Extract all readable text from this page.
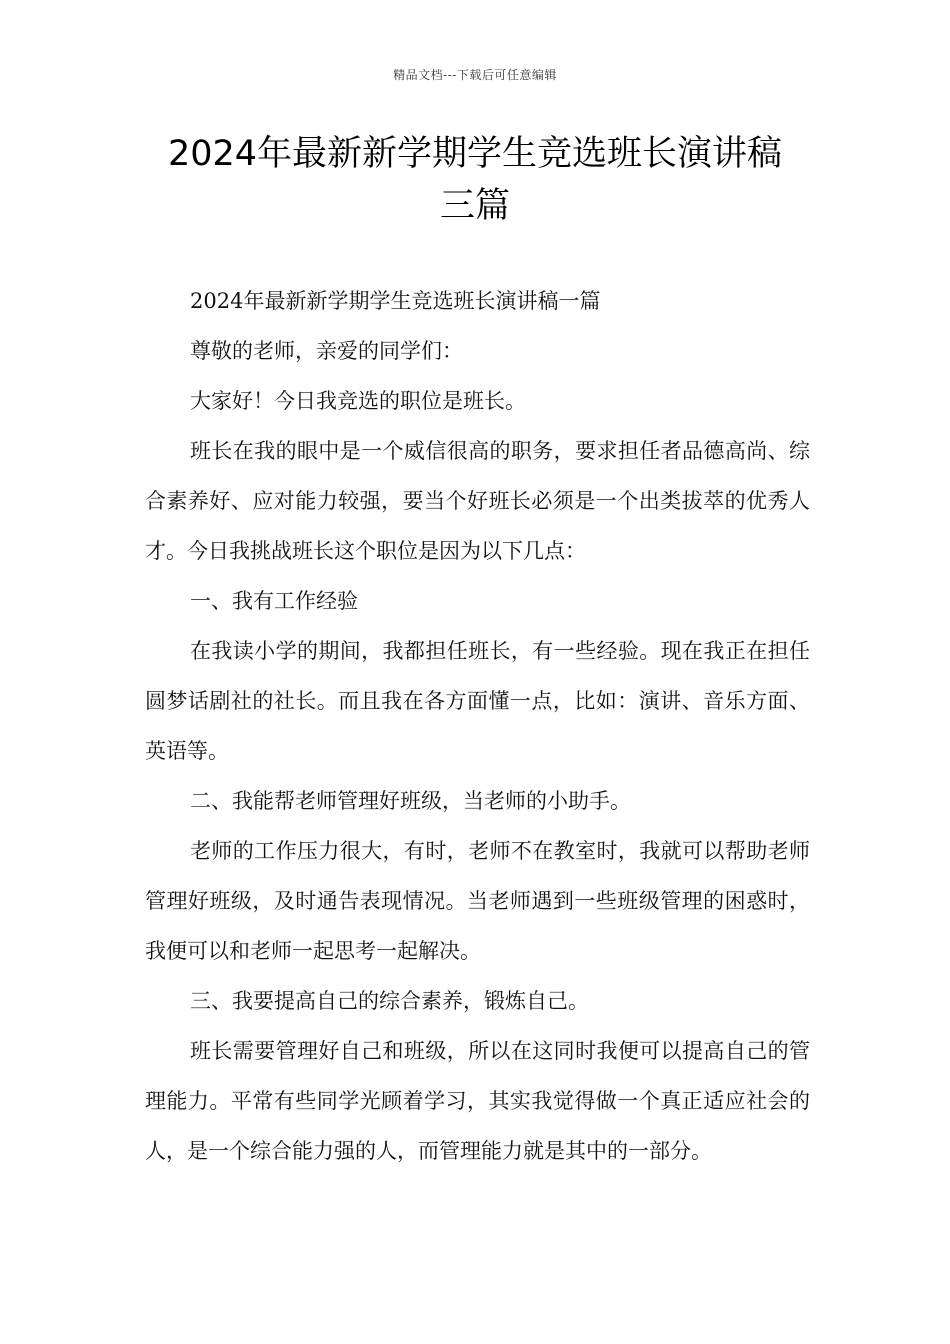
精品文档---下载后可任意编辑
2024年最新新学期学生竞选班长演讲稿
三篇

2024年最新新学期学生竞选班长演讲稿一篇

尊敬的老师，亲爱的同学们：

大家好！今日我竞选的职位是班长。

班长在我的眼中是一个威信很高的职务，要求担任者品德高尚、综合素养好、应对能力较强，要当个好班长必须是一个出类拔萃的优秀人才。今日我挑战班长这个职位是因为以下几点：

一、我有工作经验

在我读小学的期间，我都担任班长，有一些经验。现在我正在担任圆梦话剧社的社长。而且我在各方面懂一点，比如：演讲、音乐方面、英语等。

二、我能帮老师管理好班级，当老师的小助手。

老师的工作压力很大，有时，老师不在教室时，我就可以帮助老师管理好班级，及时通告表现情况。当老师遇到一些班级管理的困惑时，我便可以和老师一起思考一起解决。

三、我要提高自己的综合素养，锻炼自己。

班长需要管理好自己和班级，所以在这同时我便可以提高自己的管理能力。平常有些同学光顾着学习，其实我觉得做一个真正适应社会的人，是一个综合能力强的人，而管理能力就是其中的一部分。
